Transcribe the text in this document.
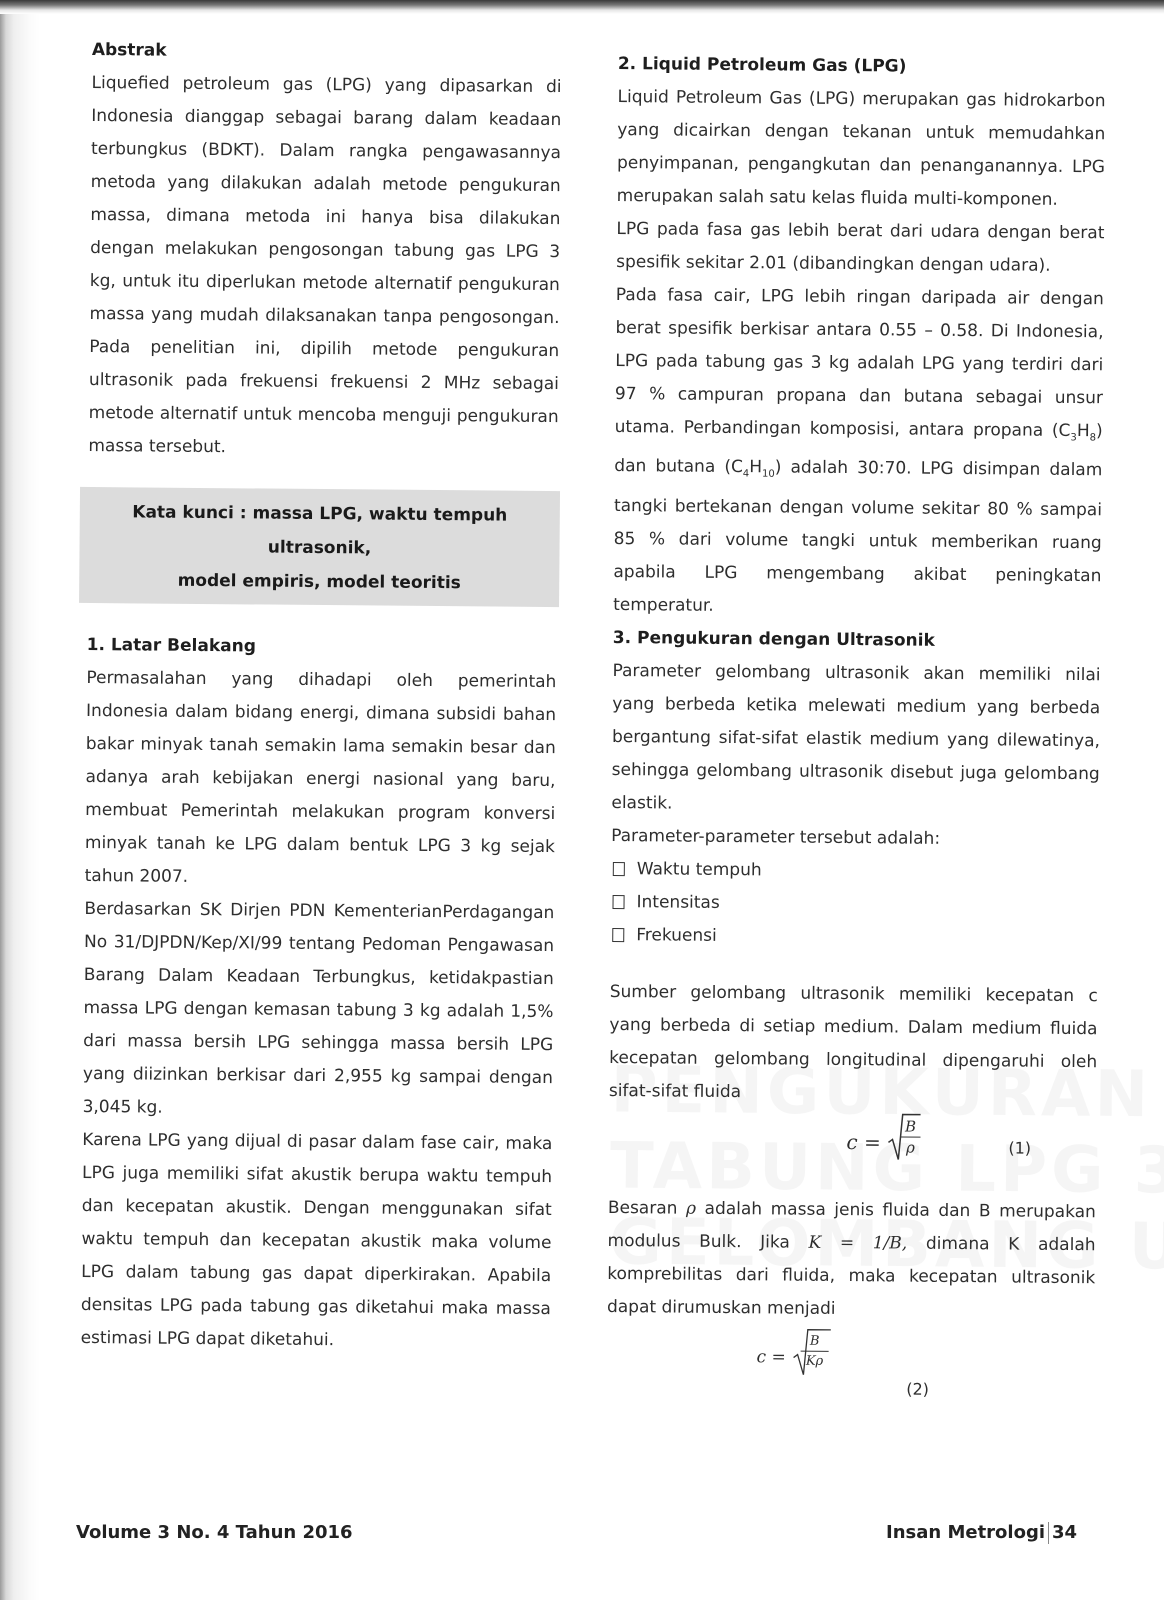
Abstrak

Liquefied petroleum gas (LPG) yang dipasarkan di Indonesia dianggap sebagai barang dalam keadaan terbungkus (BDKT). Dalam rangka pengawasannya metoda yang dilakukan adalah metode pengukuran massa, dimana metoda ini hanya bisa dilakukan dengan melakukan pengosongan tabung gas LPG 3 kg, untuk itu diperlukan metode alternatif pengukuran massa yang mudah dilaksanakan tanpa pengosongan. Pada penelitian ini, dipilih metode pengukuran ultrasonik pada frekuensi frekuensi 2 MHz sebagai metode alternatif untuk mencoba menguji pengukuran massa tersebut.

Kata kunci : massa LPG, waktu tempuh ultrasonik,
model empiris, model teoritis

1. Latar Belakang

Permasalahan yang dihadapi oleh pemerintah Indonesia dalam bidang energi, dimana subsidi bahan bakar minyak tanah semakin lama semakin besar dan adanya arah kebijakan energi nasional yang baru, membuat Pemerintah melakukan program konversi minyak tanah ke LPG dalam bentuk LPG 3 kg sejak tahun 2007.

Berdasarkan SK Dirjen PDN KementerianPerdagangan No 31/DJPDN/Kep/XI/99 tentang Pedoman Pengawasan Barang Dalam Keadaan Terbungkus, ketidakpastian massa LPG dengan kemasan tabung 3 kg adalah 1,5% dari massa bersih LPG sehingga massa bersih LPG yang diizinkan berkisar dari 2,955 kg sampai dengan 3,045 kg.

Karena LPG yang dijual di pasar dalam fase cair, maka LPG juga memiliki sifat akustik berupa waktu tempuh dan kecepatan akustik. Dengan menggunakan sifat waktu tempuh dan kecepatan akustik maka volume LPG dalam tabung gas dapat diperkirakan. Apabila densitas LPG pada tabung gas diketahui maka massa estimasi LPG dapat diketahui.

2. Liquid Petroleum Gas (LPG)

Liquid Petroleum Gas (LPG) merupakan gas hidrokarbon yang dicairkan dengan tekanan untuk memudahkan penyimpanan, pengangkutan dan penanganannya. LPG merupakan salah satu kelas fluida multi-komponen.

LPG pada fasa gas lebih berat dari udara dengan berat spesifik sekitar 2.01 (dibandingkan dengan udara).

Pada fasa cair, LPG lebih ringan daripada air dengan berat spesifik berkisar antara 0.55 – 0.58. Di Indonesia, LPG pada tabung gas 3 kg adalah LPG yang terdiri dari 97 % campuran propana dan butana sebagai unsur utama. Perbandingan komposisi, antara propana $(C_3H_8)$ dan butana $(C_4H_{10})$ adalah 30:70. LPG disimpan dalam tangki bertekanan dengan volume sekitar 80 % sampai 85 % dari volume tangki untuk memberikan ruang apabila LPG mengembang akibat peningkatan temperatur.

3. Pengukuran dengan Ultrasonik

Parameter gelombang ultrasonik akan memiliki nilai yang berbeda ketika melewati medium yang berbeda bergantung sifat-sifat elastik medium yang dilewatinya, sehingga gelombang ultrasonik disebut juga gelombang elastik.

Parameter-parameter tersebut adalah:

Waktu tempuh
Intensitas
Frekuensi

Sumber gelombang ultrasonik memiliki kecepatan c yang berbeda di setiap medium. Dalam medium fluida kecepatan gelombang longitudinal dipengaruhi oleh sifat-sifat fluida

$c = \frac{B}{\rho}$	(1)

Besaran ρ adalah massa jenis fluida dan B merupakan modulus Bulk. Jika K = 1/B, dimana K adalah komprebilitas dari fluida, maka kecepatan ultrasonik dapat dirumuskan menjadi

$c = \frac{B}{K\rho}$
(2)
Volume 3 No. 4 Tahun 2016	Insan Metrologi 34
